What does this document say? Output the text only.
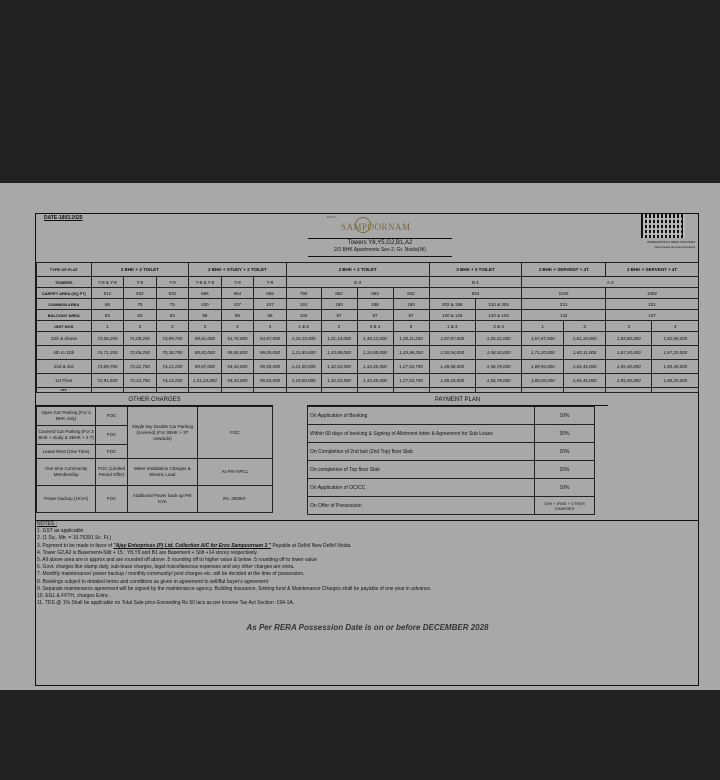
DATE-1803.2025	EROS
SAMPOORNAM
UPRERAPRJ214 RERA 16/07/2024
https://www.up-rera.in/projects
Towers Y8,Y5,G2,B1,A2
2/3 BHK Apartments Sec-2, Gr. Noida(W)
TYPE OF FLAT	2 BHK + 2 TOILET			2 BHK + STUDY + 2 TOILET			3 BHK + 2 TOILET				3 BHK + 3 TOILET		3 BHK + SERVENT + 4T		3 BHK + SERVENT + 4T	
TOWERS	Y-8 & Y-9	Y-8	Y-9	Y-8 & Y-9	Y-8	Y-9	G-2				B-1		A-2			
CARPET AREA (SQ FT)	512	532	532	665	654	655	790	862	853	842	924		1044		1062	
COMMON AREA	68	75	75	100	107	107	191	190	188	190	202 & 196	210 & 204	231		231	
BALCONY AREA	83	83	83	98	98	98	104	97	97	97	120 & 126	120 & 125	132		137	
UNIT NOS	1	2	2	3	4	4	1 & 6	2	3 & 4	5	1 & 3	2 & 4	1	2	3	4
11th & Above	73,06,250	71,09,250	73,89,750	88,81,000	91,78,000	84,87,000	1,20,15,000	1,31,10,000	1,30,12,000	1,26,11,250	1,87,87,000	1,55,22,000	1,67,67,500	1,61,18,000	1,83,60,000	1,82,60,000
4th to 11th	74,71,250	72,06,250	75,36,750	85,92,000	95,60,000	96,09,000	1,21,85,000	1,33,98,000	1,34,89,000	1,29,96,250	1,50,54,000	1,58,34,000	1,71,20,000	1,65,11,000	1,87,20,000	1,87,20,000
2nd & 3rd	73,89,750	72,22,750	74,13,250	89,87,000	94,34,000	95,93,000	1,21,50,000	1,32,53,500	1,33,45,500	1,27,53,750	1,48,98,000	1,56,78,000	1,69,94,000	1,64,45,000	1,85,40,000	1,85,40,000
1st Floor	72,91,500	72,22,750	74,13,250	1,01,23,000	94,34,000	95,93,000	1,19,60,000	1,32,53,500	1,33,45,500	1,27,53,750	1,58,34,000	1,56,78,000	1,80,03,000	1,64,45,000	1,85,40,000	1,86,20,000
PPU																
OTHER CHARGES	PAYMENT PLAN
Open Car Parking (For 2 BHK only)	FOC	Single key Double Car Parking (covered) (For 3BHK + 3T onwards)	FOC
Covered Car Parking (For 2 BHK + study & 3BHK + 2 T)	FOC		
Lease Rent (One Time)	FOC		
One time Community Membership	FOC (Limited Period Offer)	Meter Installation Charges & Electric Load	As Per NPCL
Power backup (1KVA)	FOC	Additional Power back up Per KVA	Rs. 25000/-
On Application of Booking	10%
Within 60 days of booking & Signing of Allotment letter & Agreement for Sub Lease	30%
On Completion of 2nd last (2nd Top) floor Slab	20%
On completion of Top floor Slab	20%
On Application of OC/CC	10%
On Offer of Possession	10% + IFMS + OTHER CHARGES
NOTES :
1. GST as applicable
2. (1 Sq.. Mtr. = 10.76391 Sc. Ft.)
3. Payment to be made in favor of "Ajay Enterprises (P) Ltd. Collection A/C for Eros Sampoornam 3 " Payable at Delhi/ New Delhi/ Noida.
4. Tower G2,A2 is Basement+Stilt + 15 ; Y8,Y9 and B1 are Basement + Stilt +14 storey respectively.
5. All above area are in approx and are rounded off above .5 rounding off to higher value & below .5 rounding off to lower value
6. Govt. charges like stamp duty, sub-lease charges, legal miscellaneous expenses and any other charges are extra.
7. Monthly maintenance/ power backup / monthly community/ pool charges etc. will be decided at the time of possession.
8. Bookings subject to detailed terms and conditions as given in agreement to sell/flat buyer's agreement
9. Separate maintenance agreement will be signed by the maintenance agency. Building insurance, Sinking fund & Maintenance Charges shall be payable of one year in advance.
10. EGL & FFTH, charges Extra .
11. TDS @ 1% Shall be applicable on Total Sale price Exceeding Rs 50 lacs as per Income Tax Act Section :194-1A.
As Per RERA Possession Date is on or before DECEMBER 2028
